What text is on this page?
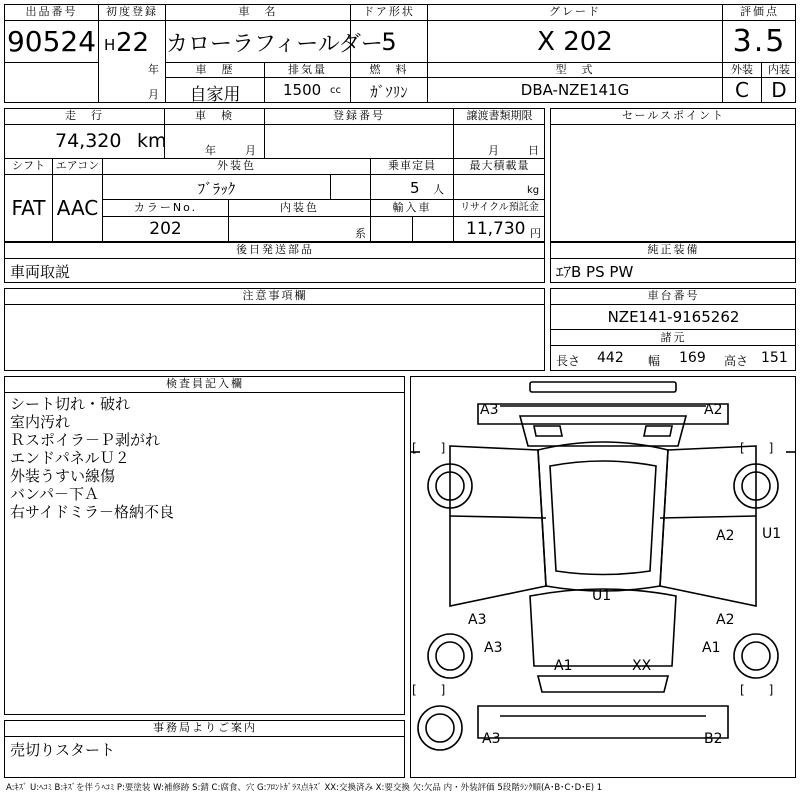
出品番号
90524
初度登録
H 22
年
月
車　名
カローラフィールダー
ドア形状
5
グレード
X 202
評価点
3.5
車　歴
自家用
排気量
1500 cc
燃　料
ｶﾞｿﾘﾝ
型　式
DBA-NZE141G
外装
C
内装
D
走　行
74,320 km
車　検
年	月
登録番号	譲渡書類期限
月	日
シフト
FAT
エアコン
AAC
外装色
ﾌﾞﾗｯｸ
乗車定員
5 人
最大積載量
kg
カラーNo.
202
内装色
系
輸入車	リサイクル預託金
11,730 円
セールスポイント
後日発送部品
車両取説
純正装備
ｴｱB PS PW
注意事項欄	車台番号
NZE141-9165262
諸元
長さ 442 幅 169 高さ 151
検査員記入欄
シート切れ・破れ
室内汚れ
Ｒスポイラ－Ｐ剥がれ
エンドパネルＵ２
外装うすい線傷
バンパ－下Ａ
右サイドミラ－格納不良
事務局よりご案内
売切りスタート
A3	A2
U1
A2 U1
A3	A2
A3
A1
A1
XX
A3	B2
[　　]	[　　]
[　　]	[　　]
A:ｷｽﾞ U:ﾍｺﾐ B:ｷｽﾞを伴うﾍｺﾐ P:要塗装 W:補修跡 S:錆 C:腐食、穴 G:ﾌﾛﾝﾄｶﾞﾗｽ点ｷｽﾞ XX:交換済み X:要交換 欠:欠品 内・外装評価 5段階ﾗﾝｸ順(A･B･C･D･E) 1
